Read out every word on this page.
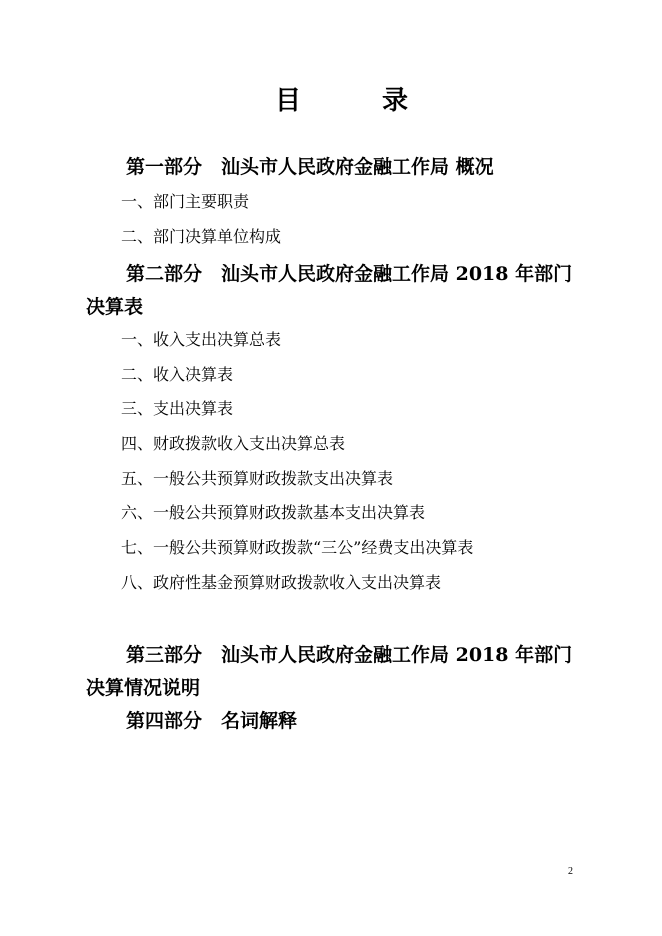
目	录
第一部分　汕头市人民政府金融工作局 概况
一、部门主要职责
二、部门决算单位构成
第二部分　汕头市人民政府金融工作局 2018 年部门
决算表
一、收入支出决算总表
二、收入决算表
三、支出决算表
四、财政拨款收入支出决算总表
五、一般公共预算财政拨款支出决算表
六、一般公共预算财政拨款基本支出决算表
七、一般公共预算财政拨款“三公”经费支出决算表
八、政府性基金预算财政拨款收入支出决算表
第三部分　汕头市人民政府金融工作局 2018 年部门
决算情况说明
第四部分　名词解释
2
